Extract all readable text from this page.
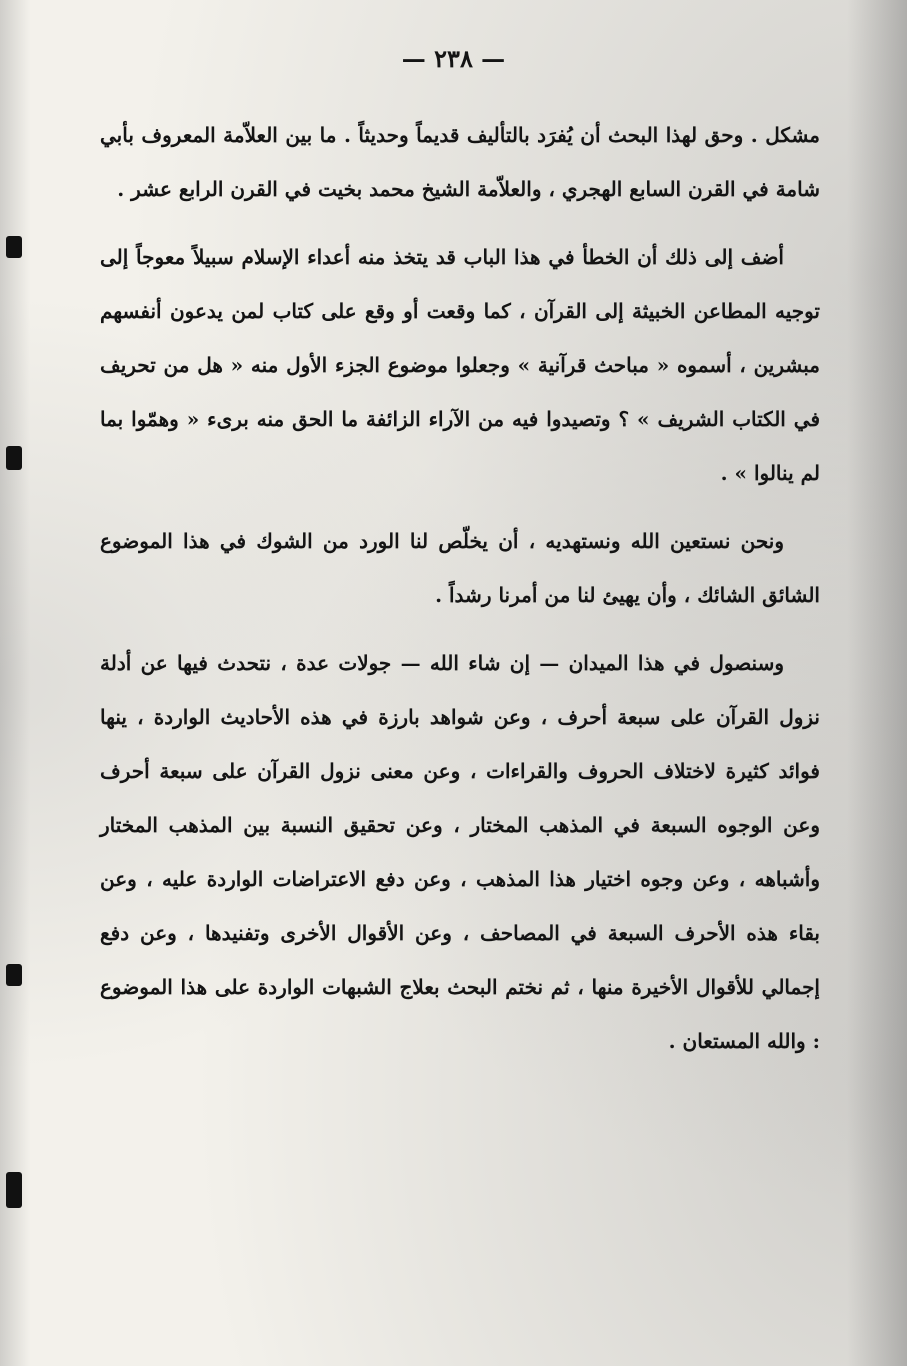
— ٢٣٨ —

مشكل . وحق لهذا البحث أن يُفرَد بالتأليف قديماً وحديثاً . ما بين العلاّمة المعروف بأبي شامة في القرن السابع الهجري ، والعلاّمة الشيخ محمد بخيت في القرن الرابع عشر .

أضف إلى ذلك أن الخطأ في هذا الباب قد يتخذ منه أعداء الإسلام سبيلاً معوجاً إلى توجيه المطاعن الخبيثة إلى القرآن ، كما وقعت أو وقع على كتاب لمن يدعون أنفسهم مبشرين ، أسموه « مباحث قرآنية » وجعلوا موضوع الجزء الأول منه « هل من تحريف في الكتاب الشريف » ؟ وتصيدوا فيه من الآراء الزائفة ما الحق منه برىء « وهمّوا بما لم ينالوا » .

ونحن نستعين الله ونستهديه ، أن يخلّص لنا الورد من الشوك في هذا الموضوع الشائق الشائك ، وأن يهيئ لنا من أمرنا رشداً .

وسنصول في هذا الميدان — إن شاء الله — جولات عدة ، نتحدث فيها عن أدلة نزول القرآن على سبعة أحرف ، وعن شواهد بارزة في هذه الأحاديث الواردة ، ينها فوائد كثيرة لاختلاف الحروف والقراءات ، وعن معنى نزول القرآن على سبعة أحرف وعن الوجوه السبعة في المذهب المختار ، وعن تحقيق النسبة بين المذهب المختار وأشباهه ، وعن وجوه اختيار هذا المذهب ، وعن دفع الاعتراضات الواردة عليه ، وعن بقاء هذه الأحرف السبعة في المصاحف ، وعن الأقوال الأخرى وتفنيدها ، وعن دفع إجمالي للأقوال الأخيرة منها ، ثم نختم البحث بعلاج الشبهات الواردة على هذا الموضوع : والله المستعان .
